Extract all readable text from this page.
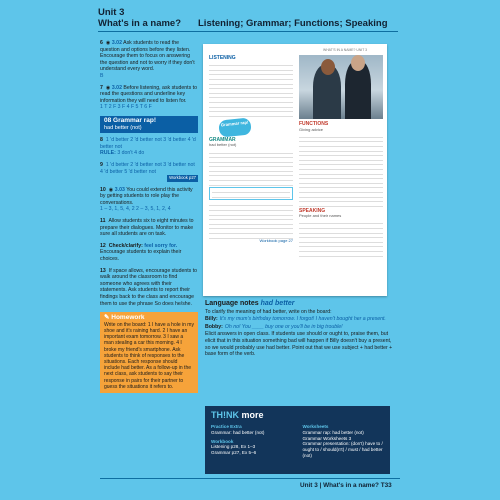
Unit 3
What's in a name? Listening; Grammar; Functions; Speaking
6 ◉ 3.02 Ask students to read the question and options before they listen. Encourage them to focus on answering the question and not to worry if they don't understand every word.
B
7 ◉ 3.02 Before listening, ask students to read the questions and underline key information they will need to listen for.
1 T 2 F 3 F 4 F 5 T 6 F
08 Grammar rap!
had better (not)
8 1 'd better 2 'd better not 3 'd better 4 'd better not
RULE: 3 don't 4 do
9 1 'd better 2 'd better not 3 'd better not 4 'd better 5 'd better not
Workbook p27
10 ◉ 3.03 You could extend this activity by getting students to role play the conversations.
1 – 3, 1, 5, 4, 2 2 – 3, 5, 1, 2, 4
11 Allow students six to eight minutes to prepare their dialogues. Monitor to make sure all students are on task.
12 Check/clarify: feel sorry for. Encourage students to explain their choices.
13 If space allows, encourage students to walk around the classroom to find someone who agrees with their statements. Ask students to report their findings back to the class and encourage them to use the phrase So does he/she.
✎ Homework

Write on the board: 1 I have a hole in my shoe and it's raining hard. 2 I have an important exam tomorrow. 3 I saw a man stealing a car this morning. 4 I broke my friend's smartphone. Ask students to think of responses to the situations. Each response should include had better. As a follow-up in the next class, ask students to say their response in pairs for their partner to guess the situations it refers to.

WHAT'S IN A NAME? UNIT 3
LISTENING
Grammar rap!
GRAMMAR
had better (not)
Workbook page 27
FUNCTIONS
Giving advice
SPEAKING
People and their names
Language notes had better

To clarify the meaning of had better, write on the board:

Billy: It's my mum's birthday tomorrow. I forgot! I haven't bought her a present.

Bobby: Oh no! You ____ buy one or you'll be in big trouble!

Elicit answers in open class. If students use should or ought to, praise them, but elicit that in this situation something bad will happen if Billy doesn't buy a present, so we would probably use had better. Point out that we use subject + had better + base form of the verb.

TH!NK more
Practice Extra
Grammar: had better (not)
Workbook
Listening p28, Ex 1–3
Grammar p27, Ex 5–6
Worksheets
Grammar rap: had better (not)
Grammar Worksheets 3
Grammar presentation: (don't) have to / ought to / should(n't) / must / had better (not)
Unit 3 | What's in a name? T33
